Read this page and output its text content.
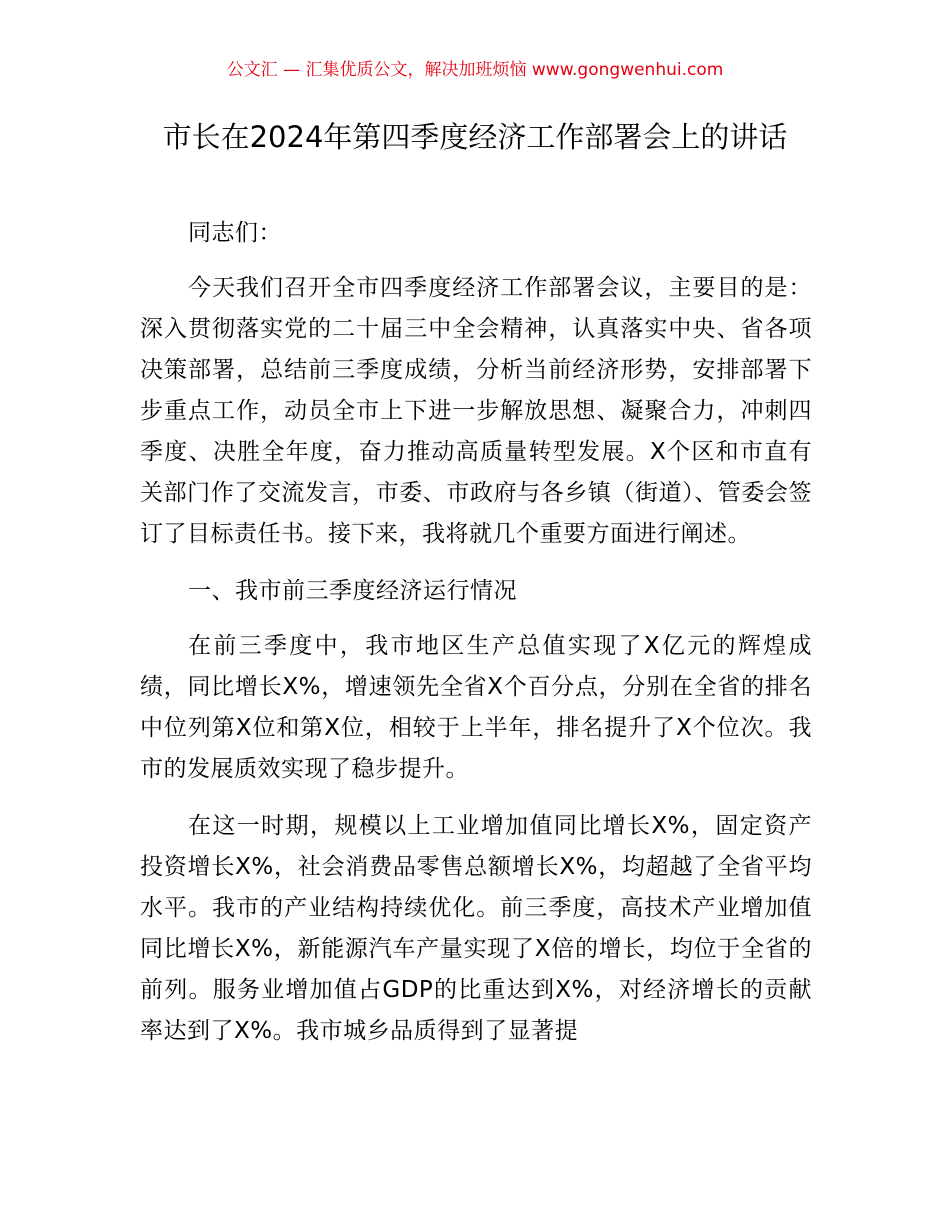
公文汇 — 汇集优质公文，解决加班烦恼 www.gongwenhui.com
市长在2024年第四季度经济工作部署会上的讲话

同志们：

今天我们召开全市四季度经济工作部署会议，主要目的是：深入贯彻落实党的二十届三中全会精神，认真落实中央、省各项决策部署，总结前三季度成绩，分析当前经济形势，安排部署下步重点工作，动员全市上下进一步解放思想、凝聚合力，冲刺四季度、决胜全年度，奋力推动高质量转型发展。X个区和市直有关部门作了交流发言，市委、市政府与各乡镇（街道）、管委会签订了目标责任书。接下来，我将就几个重要方面进行阐述。

一、我市前三季度经济运行情况

在前三季度中，我市地区生产总值实现了X亿元的辉煌成绩，同比增长X%，增速领先全省X个百分点，分别在全省的排名中位列第X位和第X位，相较于上半年，排名提升了X个位次。我市的发展质效实现了稳步提升。

在这一时期，规模以上工业增加值同比增长X%，固定资产投资增长X%，社会消费品零售总额增长X%，均超越了全省平均水平。我市的产业结构持续优化。前三季度，高技术产业增加值同比增长X%，新能源汽车产量实现了X倍的增长，均位于全省的前列。服务业增加值占GDP的比重达到X%，对经济增长的贡献率达到了X%。我市城乡品质得到了显著提
